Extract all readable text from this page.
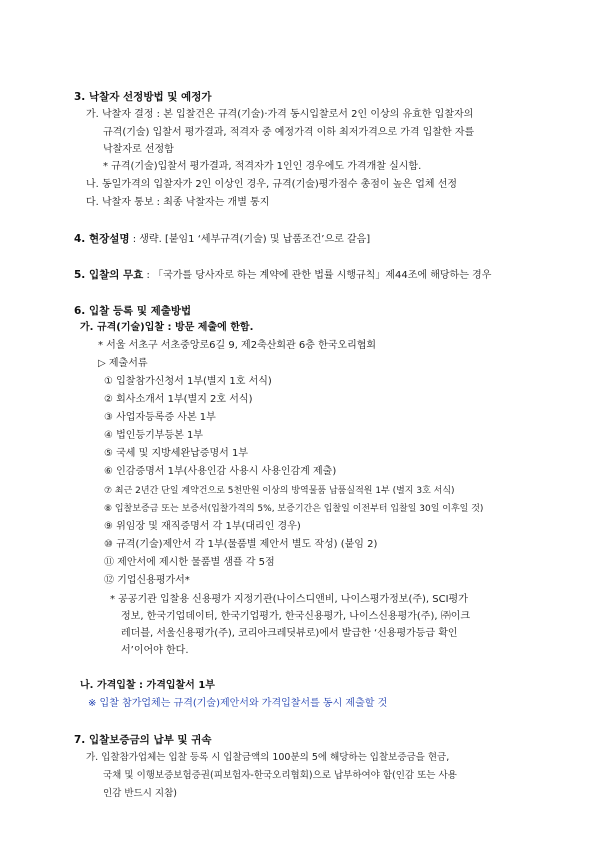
3. 낙찰자 선정방법 및 예정가
가. 낙찰자 결정 : 본 입찰건은 규격(기술)·가격 동시입찰로서 2인 이상의 유효한 입찰자의
규격(기술) 입찰서 평가결과, 적격자 중 예정가격 이하 최저가격으로 가격 입찰한 자를
낙찰자로 선정함
* 규격(기술)입찰서 평가결과, 적격자가 1인인 경우에도 가격개찰 실시함.
나. 동일가격의 입찰자가 2인 이상인 경우, 규격(기술)평가점수 총점이 높은 업체 선정
다. 낙찰자 통보 : 최종 낙찰자는 개별 통지
4. 현장설명 : 생략. [붙임1 ‘세부규격(기술) 및 납품조건’으로 갈음]
5. 입찰의 무효 : 「국가를 당사자로 하는 계약에 관한 법률 시행규칙」제44조에 해당하는 경우
6. 입찰 등록 및 제출방법
가. 규격(기술)입찰 : 방문 제출에 한함.
* 서울 서초구 서초중앙로6길 9, 제2축산회관 6층 한국오리협회
▷ 제출서류
① 입찰참가신청서 1부(별지 1호 서식)
② 회사소개서 1부(별지 2호 서식)
③ 사업자등록증 사본 1부
④ 법인등기부등본 1부
⑤ 국세 및 지방세완납증명서 1부
⑥ 인감증명서 1부(사용인감 사용시 사용인감계 제출)
⑦ 최근 2년간 단일 계약건으로 5천만원 이상의 방역물품 납품실적원 1부 (별지 3호 서식)
⑧ 입찰보증금 또는 보증서(입찰가격의 5%, 보증기간은 입찰일 이전부터 입찰일 30일 이후일 것)
⑨ 위임장 및 재직증명서 각 1부(대리인 경우)
⑩ 규격(기술)제안서 각 1부(물품별 제안서 별도 작성) (붙임 2)
⑪ 제안서에 제시한 물품별 샘플 각 5점
⑫ 기업신용평가서*
* 공공기관 입찰용 신용평가 지정기관(나이스디앤비, 나이스평가정보(주), SCI평가
정보, 한국기업데이터, 한국기업평가, 한국신용평가, 나이스신용평가(주), ㈜이크
레더블, 서울신용평가(주), 코리아크레딧뷰로)에서 발급한 ‘신용평가등급 확인
서’이어야 한다.
나. 가격입찰 : 가격입찰서 1부
※ 입찰 참가업체는 규격(기술)제안서와 가격입찰서를 동시 제출할 것
7. 입찰보증금의 납부 및 귀속
가. 입찰참가업체는 입찰 등록 시 입찰금액의 100분의 5에 해당하는 입찰보증금을 현금,
국채 및 이행보증보험증권(피보험자-한국오리협회)으로 납부하여야 함(인감 또는 사용
인감 반드시 지참)
